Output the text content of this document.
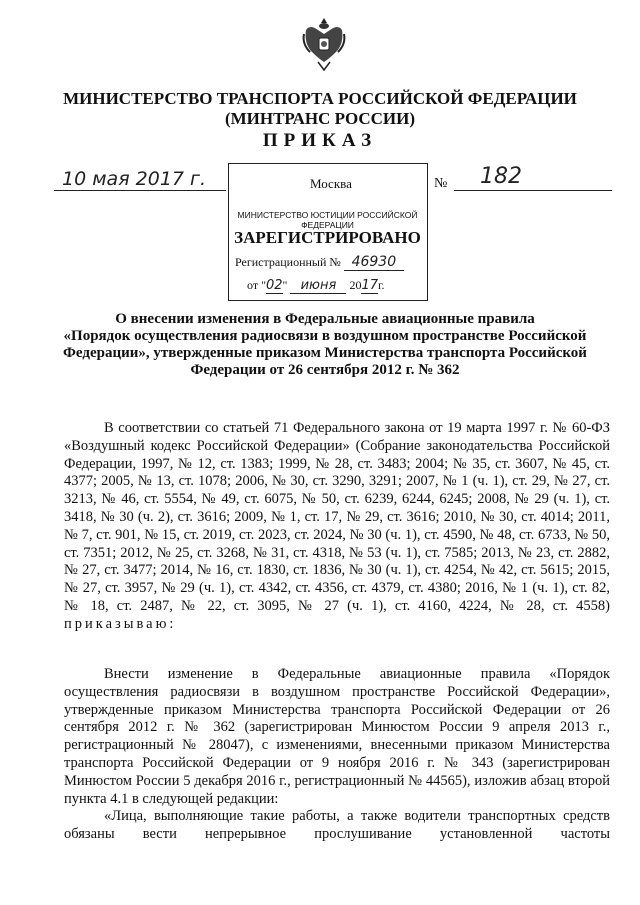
МИНИСТЕРСТВО ТРАНСПОРТА РОССИЙСКОЙ ФЕДЕРАЦИИ
(МИНТРАНС РОССИИ)
ПРИКАЗ
10 мая 2017 г.	№ 182
Москва
МИНИСТЕРСТВО ЮСТИЦИИ РОССИЙСКОЙ ФЕДЕРАЦИИ
ЗАРЕГИСТРИРОВАНО
Регистрационный № 46930
от "02" июня 2017г.
О внесении изменения в Федеральные авиационные правила
«Порядок осуществления радиосвязи в воздушном пространстве Российской
Федерации», утвержденные приказом Министерства транспорта Российской
Федерации от 26 сентября 2012 г. № 362

В соответствии со статьей 71 Федерального закона от 19 марта 1997 г. № 60-ФЗ «Воздушный кодекс Российской Федерации» (Собрание законодательства Российской Федерации, 1997, № 12, ст. 1383; 1999, № 28, ст. 3483; 2004; № 35, ст. 3607, № 45, ст. 4377; 2005, № 13, ст. 1078; 2006, № 30, ст. 3290, 3291; 2007, № 1 (ч. 1), ст. 29, № 27, ст. 3213, № 46, ст. 5554, № 49, ст. 6075, № 50, ст. 6239, 6244, 6245; 2008, № 29 (ч. 1), ст. 3418, № 30 (ч. 2), ст. 3616; 2009, № 1, ст. 17, № 29, ст. 3616; 2010, № 30, ст. 4014; 2011, № 7, ст. 901, № 15, ст. 2019, ст. 2023, ст. 2024, № 30 (ч. 1), ст. 4590, № 48, ст. 6733, № 50, ст. 7351; 2012, № 25, ст. 3268, № 31, ст. 4318, № 53 (ч. 1), ст. 7585; 2013, № 23, ст. 2882, № 27, ст. 3477; 2014, № 16, ст. 1830, ст. 1836, № 30 (ч. 1), ст. 4254, № 42, ст. 5615; 2015, № 27, ст. 3957, № 29 (ч. 1), ст. 4342, ст. 4356, ст. 4379, ст. 4380; 2016, № 1 (ч. 1), ст. 82, № 18, ст. 2487, № 22, ст. 3095, № 27 (ч. 1), ст. 4160, 4224, № 28, ст. 4558) приказываю:

Внести изменение в Федеральные авиационные правила «Порядок осуществления радиосвязи в воздушном пространстве Российской Федерации», утвержденные приказом Министерства транспорта Российской Федерации от 26 сентября 2012 г. № 362 (зарегистрирован Минюстом России 9 апреля 2013 г., регистрационный № 28047), с изменениями, внесенными приказом Министерства транспорта Российской Федерации от 9 ноября 2016 г. № 343 (зарегистрирован Минюстом России 5 декабря 2016 г., регистрационный № 44565), изложив абзац второй пункта 4.1 в следующей редакции:

«Лица, выполняющие такие работы, а также водители транспортных средств обязаны вести непрерывное прослушивание установленной частоты
